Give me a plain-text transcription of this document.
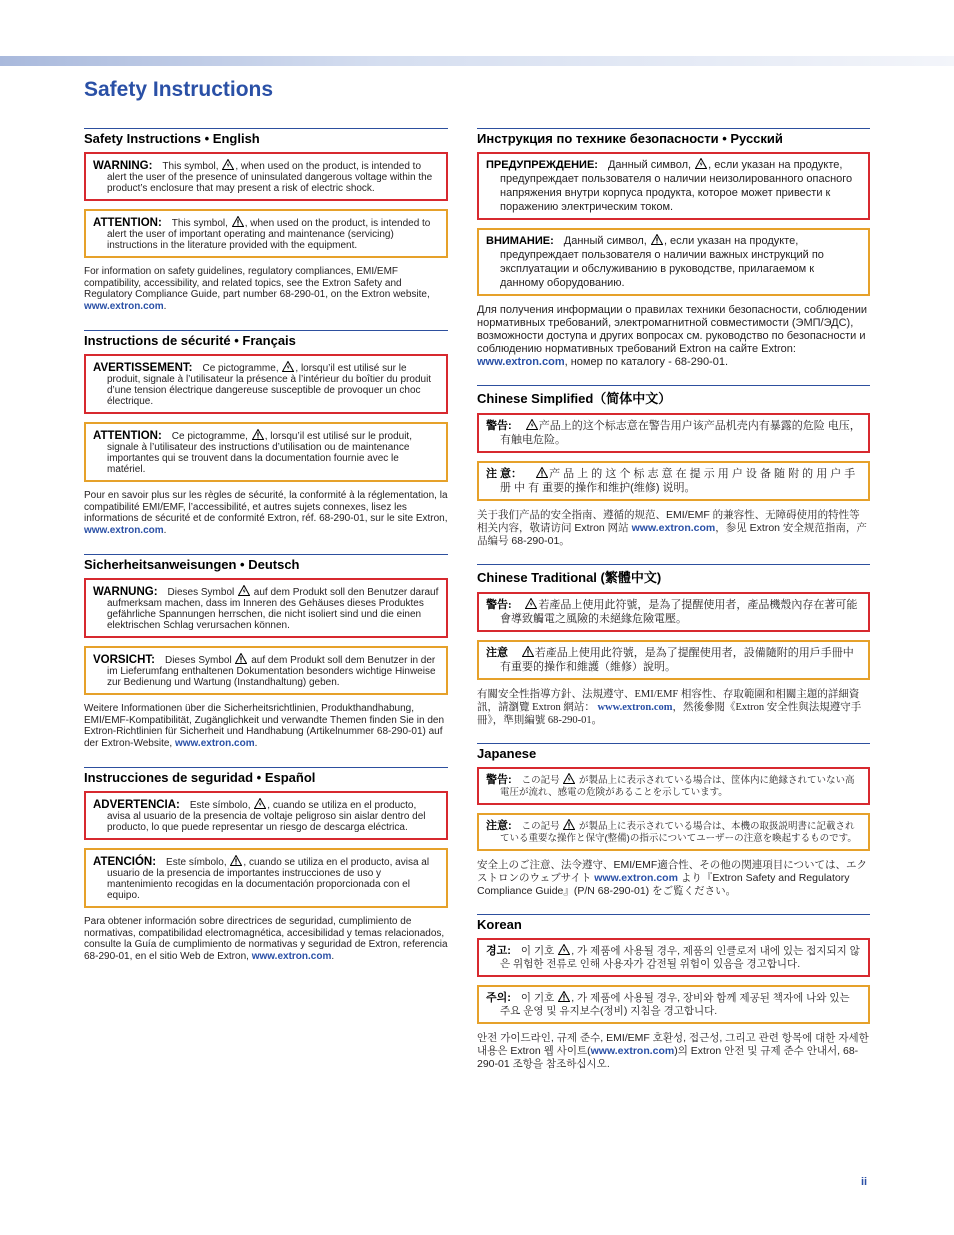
Safety Instructions
Safety Instructions • English
WARNING: This symbol, , when used on the product, is intended to alert the user of the presence of uninsulated dangerous voltage within the product’s enclosure that may present a risk of electric shock.
ATTENTION: This symbol, , when used on the product, is intended to alert the user of important operating and maintenance (servicing) instructions in the literature provided with the equipment.

For information on safety guidelines, regulatory compliances, EMI/EMF compatibility, accessibility, and related topics, see the Extron Safety and Regulatory Compliance Guide, part number 68-290-01, on the Extron website, www.extron.com.

Instructions de sécurité • Français
AVERTISSEMENT: Ce pictogramme, , lorsqu’il est utilisé sur le produit, signale à l’utilisateur la présence à l’intérieur du boîtier du produit d’une tension électrique dangereuse susceptible de provoquer un choc électrique.
ATTENTION: Ce pictogramme, , lorsqu’il est utilisé sur le produit, signale à l’utilisateur des instructions d’utilisation ou de maintenance importantes qui se trouvent dans la documentation fournie avec le matériel.

Pour en savoir plus sur les règles de sécurité, la conformité à la réglementation, la compatibilité EMI/EMF, l’accessibilité, et autres sujets connexes, lisez les informations de sécurité et de conformité Extron, réf. 68-290-01, sur le site Extron, www.extron.com.

Sicherheitsanweisungen • Deutsch
WARNUNG: Dieses Symbol auf dem Produkt soll den Benutzer darauf aufmerksam machen, dass im Inneren des Gehäuses dieses Produktes gefährliche Spannungen herrschen, die nicht isoliert sind und die einen elektrischen Schlag verursachen können.
VORSICHT: Dieses Symbol auf dem Produkt soll dem Benutzer in der im Lieferumfang enthaltenen Dokumentation besonders wichtige Hinweise zur Bedienung und Wartung (Instandhaltung) geben.

Weitere Informationen über die Sicherheitsrichtlinien, Produkthandhabung, EMI/EMF-Kompatibilität, Zugänglichkeit und verwandte Themen finden Sie in den Extron-Richtlinien für Sicherheit und Handhabung (Artikelnummer 68-290-01) auf der Extron-Website, www.extron.com.

Instrucciones de seguridad • Español
ADVERTENCIA: Este símbolo, , cuando se utiliza en el producto, avisa al usuario de la presencia de voltaje peligroso sin aislar dentro del producto, lo que puede representar un riesgo de descarga eléctrica.
ATENCIÓN: Este símbolo, , cuando se utiliza en el producto, avisa al usuario de la presencia de importantes instrucciones de uso y mantenimiento recogidas en la documentación proporcionada con el equipo.

Para obtener información sobre directrices de seguridad, cumplimiento de normativas, compatibilidad electromagnética, accesibilidad y temas relacionados, consulte la Guía de cumplimiento de normativas y seguridad de Extron, referencia 68-290-01, en el sitio Web de Extron, www.extron.com.

Инструкция по технике безопасности • Русский
ПРЕДУПРЕЖДЕНИЕ: Данный символ, , если указан на продукте, предупреждает пользователя о наличии неизолированного опасного напряжения внутри корпуса продукта, которое может привести к поражению электрическим током.
ВНИМАНИЕ: Данный символ, , если указан на продукте, предупреждает пользователя о наличии важных инструкций по эксплуатации и обслуживанию в руководстве, прилагаемом к данному оборудованию.

Для получения информации о правилах техники безопасности, соблюдении нормативных требований, электромагнитной совместимости (ЭМП/ЭДС), возможности доступа и других вопросах см. руководство по безопасности и соблюдению нормативных требований Extron на сайте Extron: www.extron.com, номер по каталогу - 68-290-01.

Chinese Simplified（简体中文）
警告: 产品上的这个标志意在警告用户该产品机壳内有暴露的危险 电压，有触电危险。
注 意： 产 品 上 的 这 个 标 志 意 在 提 示 用 户 设 备 随 附 的 用 户 手 册 中 有 重要的操作和维护(维修) 说明。

关于我们产品的安全指南、遵循的规范、EMI/EMF 的兼容性、无障碍使用的特性等相关内容，敬请访问 Extron 网站 www.extron.com，参见 Extron 安全规范指南，产品编号 68-290-01。

Chinese Traditional (繁體中文)
警告: 若產品上使用此符號，是為了提醒使用者，產品機殼內存在著可能會導致觸電之風險的未絕緣危險電壓。
注意 若產品上使用此符號，是為了提醒使用者，設備隨附的用戶手冊中有重要的操作和維護（維修）說明。

有關安全性指導方針、法規遵守、EMI/EMF 相容性、存取範圍和相關主題的詳細資訊，請瀏覽 Extron 網站： www.extron.com，然後參閱《Extron 安全性與法規遵守手冊》，準則編號 68-290-01。

Japanese
警告: この記号 が製品上に表示されている場合は、筐体内に絶縁されていない高電圧が流れ、感電の危険があることを示しています。
注意: この記号 が製品上に表示されている場合は、本機の取扱説明書に記載されている重要な操作と保守(整備)の指示についてユーザーの注意を喚起するものです。

安全上のご注意、法令遵守、EMI/EMF適合性、その他の関連項目については、エクストロンのウェブサイト www.extron.com より『Extron Safety and Regulatory Compliance Guide』(P/N 68-290-01) をご覧ください。

Korean
경고: 이 기호 , 가 제품에 사용될 경우, 제품의 인클로저 내에 있는 접지되지 않은 위험한 전류로 인해 사용자가 감전될 위험이 있음을 경고합니다.
주의: 이 기호 , 가 제품에 사용될 경우, 장비와 함께 제공된 책자에 나와 있는 주요 운영 및 유지보수(정비) 지침을 경고합니다.

안전 가이드라인, 규제 준수, EMI/EMF 호환성, 접근성, 그리고 관련 항목에 대한 자세한 내용은 Extron 웹 사이트(www.extron.com)의 Extron 안전 및 규제 준수 안내서, 68-290-01 조항을 참조하십시오.

ii
